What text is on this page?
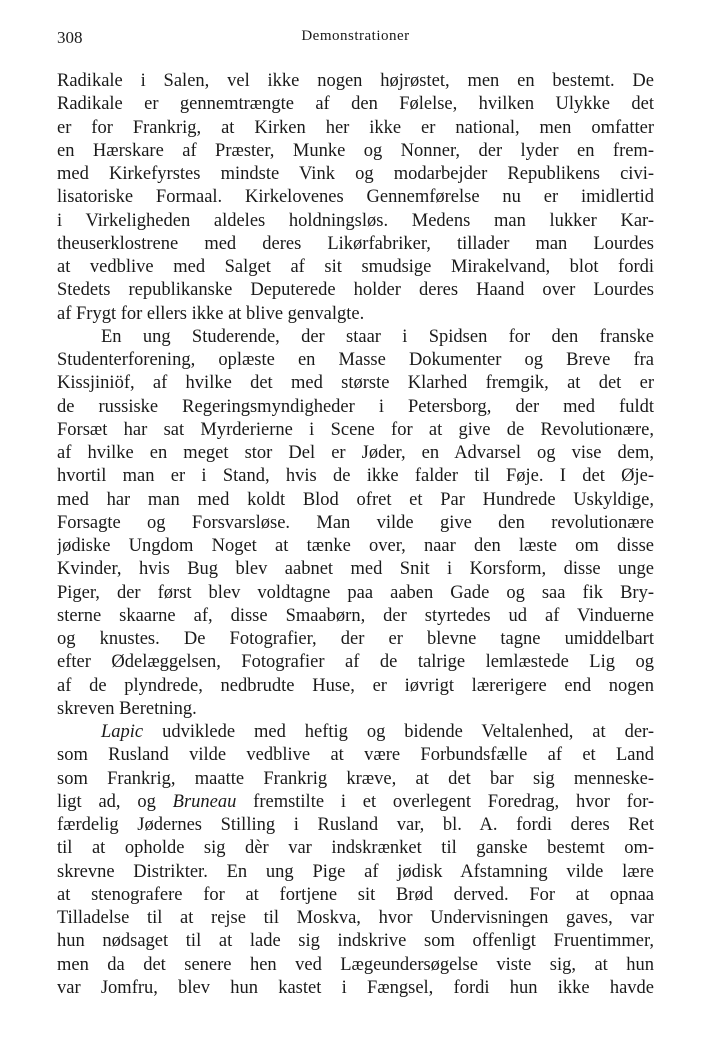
308	Demonstrationer
Radikale i Salen, vel ikke nogen højrøstet, men en bestemt. De
Radikale er gennemtrængte af den Følelse, hvilken Ulykke det
er for Frankrig, at Kirken her ikke er national, men omfatter
en Hærskare af Præster, Munke og Nonner, der lyder en frem-
med Kirkefyrstes mindste Vink og modarbejder Republikens civi-
lisatoriske Formaal. Kirkelovenes Gennemførelse nu er imidlertid
i Virkeligheden aldeles holdningsløs. Medens man lukker Kar-
theuserklostrene med deres Likørfabriker, tillader man Lourdes
at vedblive med Salget af sit smudsige Mirakelvand, blot fordi
Stedets republikanske Deputerede holder deres Haand over Lourdes
af Frygt for ellers ikke at blive genvalgte.
En ung Studerende, der staar i Spidsen for den franske
Studenterforening, oplæste en Masse Dokumenter og Breve fra
Kissjiniöf, af hvilke det med største Klarhed fremgik, at det er
de russiske Regeringsmyndigheder i Petersborg, der med fuldt
Forsæt har sat Myrderierne i Scene for at give de Revolutionære,
af hvilke en meget stor Del er Jøder, en Advarsel og vise dem,
hvortil man er i Stand, hvis de ikke falder til Føje. I det Øje-
med har man med koldt Blod ofret et Par Hundrede Uskyldige,
Forsagte og Forsvarsløse. Man vilde give den revolutionære
jødiske Ungdom Noget at tænke over, naar den læste om disse
Kvinder, hvis Bug blev aabnet med Snit i Korsform, disse unge
Piger, der først blev voldtagne paa aaben Gade og saa fik Bry-
sterne skaarne af, disse Smaabørn, der styrtedes ud af Vinduerne
og knustes. De Fotografier, der er blevne tagne umiddelbart
efter Ødelæggelsen, Fotografier af de talrige lemlæstede Lig og
af de plyndrede, nedbrudte Huse, er iøvrigt lærerigere end nogen
skreven Beretning.
Lapic udviklede med heftig og bidende Veltalenhed, at der-
som Rusland vilde vedblive at være Forbundsfælle af et Land
som Frankrig, maatte Frankrig kræve, at det bar sig menneske-
ligt ad, og Bruneau fremstilte i et overlegent Foredrag, hvor for-
færdelig Jødernes Stilling i Rusland var, bl. A. fordi deres Ret
til at opholde sig dèr var indskrænket til ganske bestemt om-
skrevne Distrikter. En ung Pige af jødisk Afstamning vilde lære
at stenografere for at fortjene sit Brød derved. For at opnaa
Tilladelse til at rejse til Moskva, hvor Undervisningen gaves, var
hun nødsaget til at lade sig indskrive som offenligt Fruentimmer,
men da det senere hen ved Lægeundersøgelse viste sig, at hun
var Jomfru, blev hun kastet i Fængsel, fordi hun ikke havde
